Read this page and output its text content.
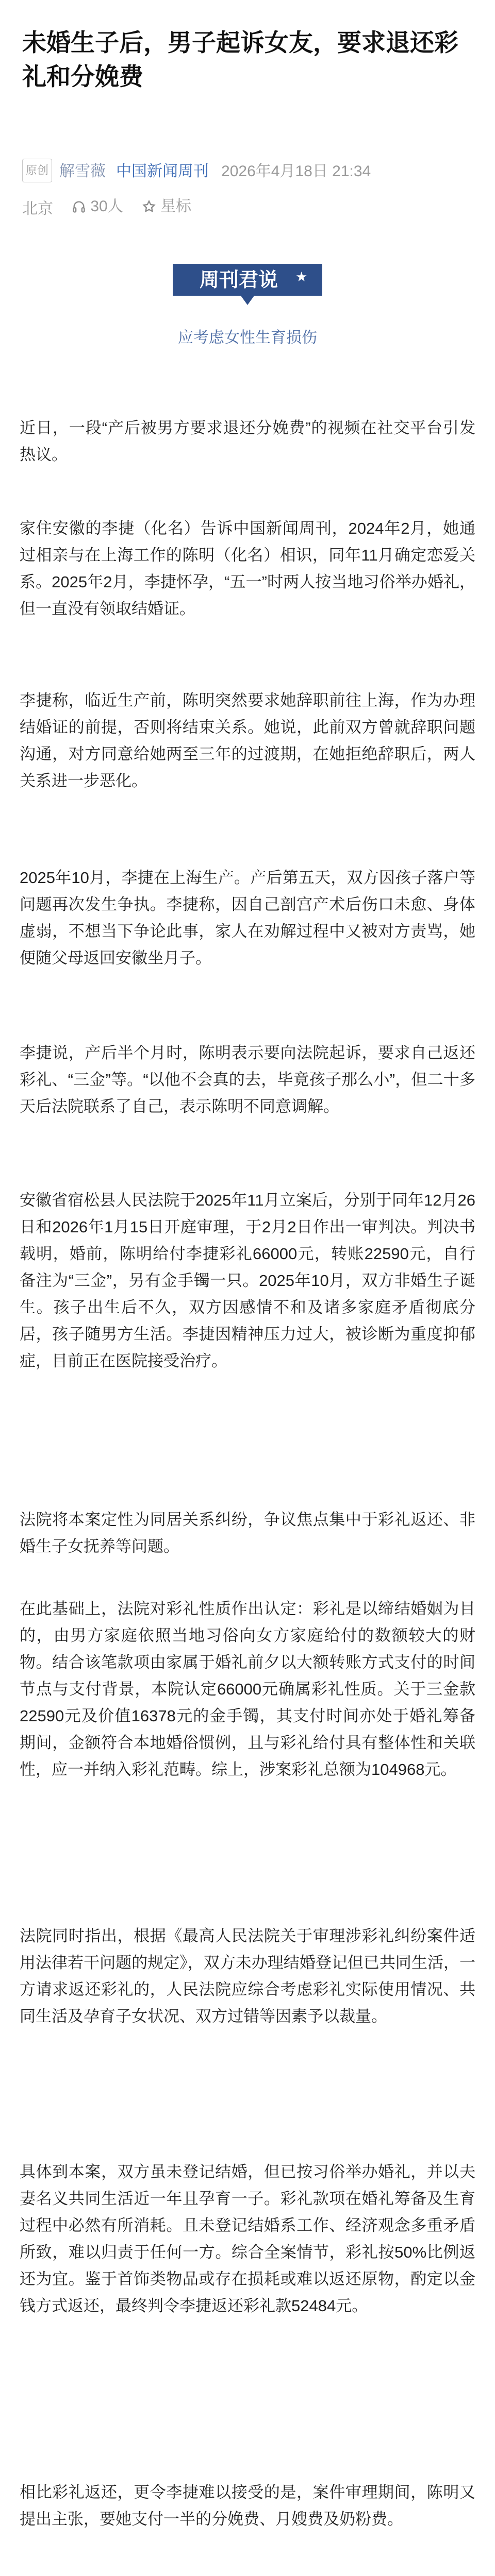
未婚生子后，男子起诉女友，要求退还彩礼和分娩费
原创 解雪薇 中国新闻周刊 2026年4月18日 21:34
北京 30人
星标
周刊君说 ★
应考虑女性生育损伤

近日，一段“产后被男方要求退还分娩费”的视频在社交平台引发热议。

家住安徽的李捷（化名）告诉中国新闻周刊，2024年2月，她通过相亲与在上海工作的陈明（化名）相识，同年11月确定恋爱关系。2025年2月，李捷怀孕，“五一”时两人按当地习俗举办婚礼，但一直没有领取结婚证。

李捷称，临近生产前，陈明突然要求她辞职前往上海，作为办理结婚证的前提，否则将结束关系。她说，此前双方曾就辞职问题沟通，对方同意给她两至三年的过渡期，在她拒绝辞职后，两人关系进一步恶化。

2025年10月，李捷在上海生产。产后第五天，双方因孩子落户等问题再次发生争执。李捷称，因自己剖宫产术后伤口未愈、身体虚弱，不想当下争论此事，家人在劝解过程中又被对方责骂，她便随父母返回安徽坐月子。

李捷说，产后半个月时，陈明表示要向法院起诉，要求自己返还彩礼、“三金”等。“以他不会真的去，毕竟孩子那么小”，但二十多天后法院联系了自己，表示陈明不同意调解。

安徽省宿松县人民法院于2025年11月立案后，分别于同年12月26日和2026年1月15日开庭审理，于2月2日作出一审判决。判决书载明，婚前，陈明给付李捷彩礼66000元，转账22590元，自行备注为“三金”，另有金手镯一只。2025年10月，双方非婚生子诞生。孩子出生后不久，双方因感情不和及诸多家庭矛盾彻底分居，孩子随男方生活。李捷因精神压力过大，被诊断为重度抑郁症，目前正在医院接受治疗。

法院将本案定性为同居关系纠纷，争议焦点集中于彩礼返还、非婚生子女抚养等问题。

在此基础上，法院对彩礼性质作出认定：彩礼是以缔结婚姻为目的，由男方家庭依照当地习俗向女方家庭给付的数额较大的财物。结合该笔款项由家属于婚礼前夕以大额转账方式支付的时间节点与支付背景，本院认定66000元确属彩礼性质。关于三金款22590元及价值16378元的金手镯，其支付时间亦处于婚礼筹备期间，金额符合本地婚俗惯例，且与彩礼给付具有整体性和关联性，应一并纳入彩礼范畴。综上，涉案彩礼总额为104968元。

法院同时指出，根据《最高人民法院关于审理涉彩礼纠纷案件适用法律若干问题的规定》，双方未办理结婚登记但已共同生活，一方请求返还彩礼的，人民法院应综合考虑彩礼实际使用情况、共同生活及孕育子女状况、双方过错等因素予以裁量。

具体到本案，双方虽未登记结婚，但已按习俗举办婚礼，并以夫妻名义共同生活近一年且孕育一子。彩礼款项在婚礼筹备及生育过程中必然有所消耗。且未登记结婚系工作、经济观念多重矛盾所致，难以归责于任何一方。综合全案情节，彩礼按50%比例返还为宜。鉴于首饰类物品或存在损耗或难以返还原物，酌定以金钱方式返还，最终判令李捷返还彩礼款52484元。

相比彩礼返还，更令李捷难以接受的是，案件审理期间，陈明又提出主张，要她支付一半的分娩费、月嫂费及奶粉费。
